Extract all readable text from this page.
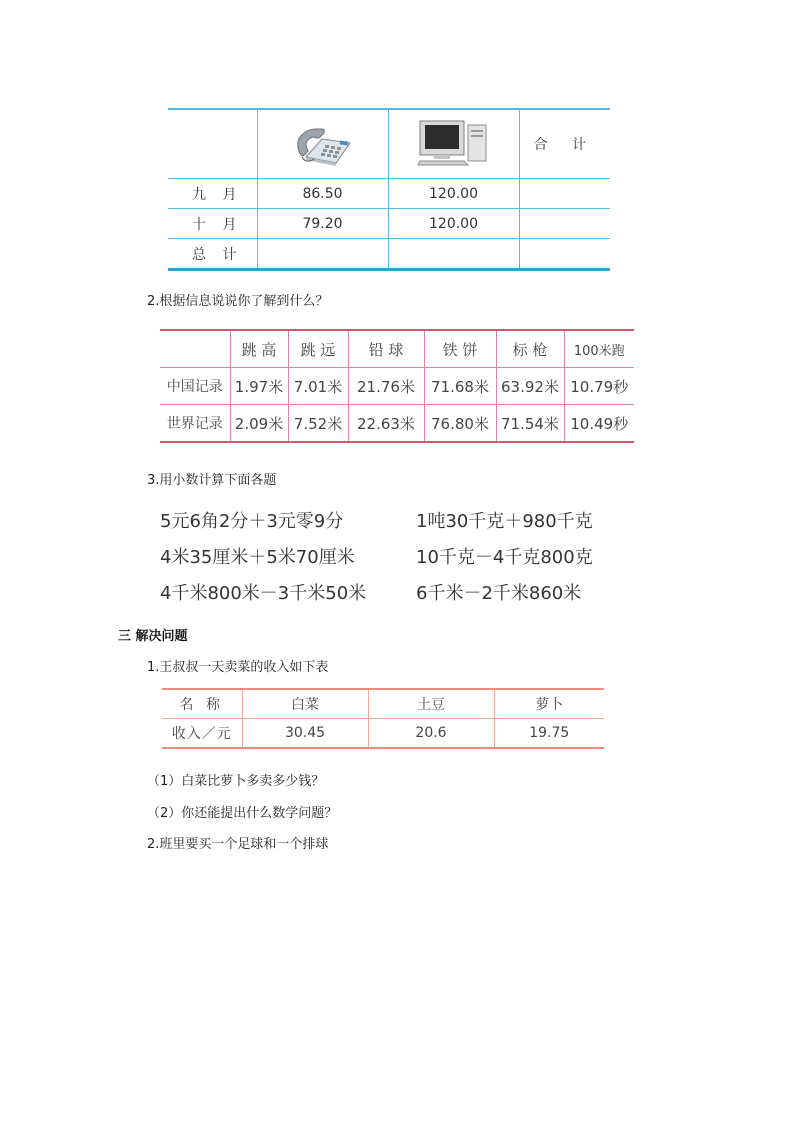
			合 计
九 月	86.50	120.00	
十 月	79.20	120.00	
总 计			
2.根据信息说说你了解到什么？
	跳 高	跳 远	铅 球	铁 饼	标 枪	100米跑
中国记录	1.97米	7.01米	21.76米	71.68米	63.92米	10.79秒
世界记录	2.09米	7.52米	22.63米	76.80米	71.54米	10.49秒
3.用小数计算下面各题
5元6角2分＋3元零9分	1吨30千克＋980千克
4米35厘米＋5米70厘米	10千克－4千克800克
4千米800米－3千米50米	6千米－2千米860米
三 解决问题
1.王叔叔一天卖菜的收入如下表
名 称	白菜	土豆	萝卜
收入／元	30.45	20.6	19.75
（1）白菜比萝卜多卖多少钱？
（2）你还能提出什么数学问题？
2.班里要买一个足球和一个排球
